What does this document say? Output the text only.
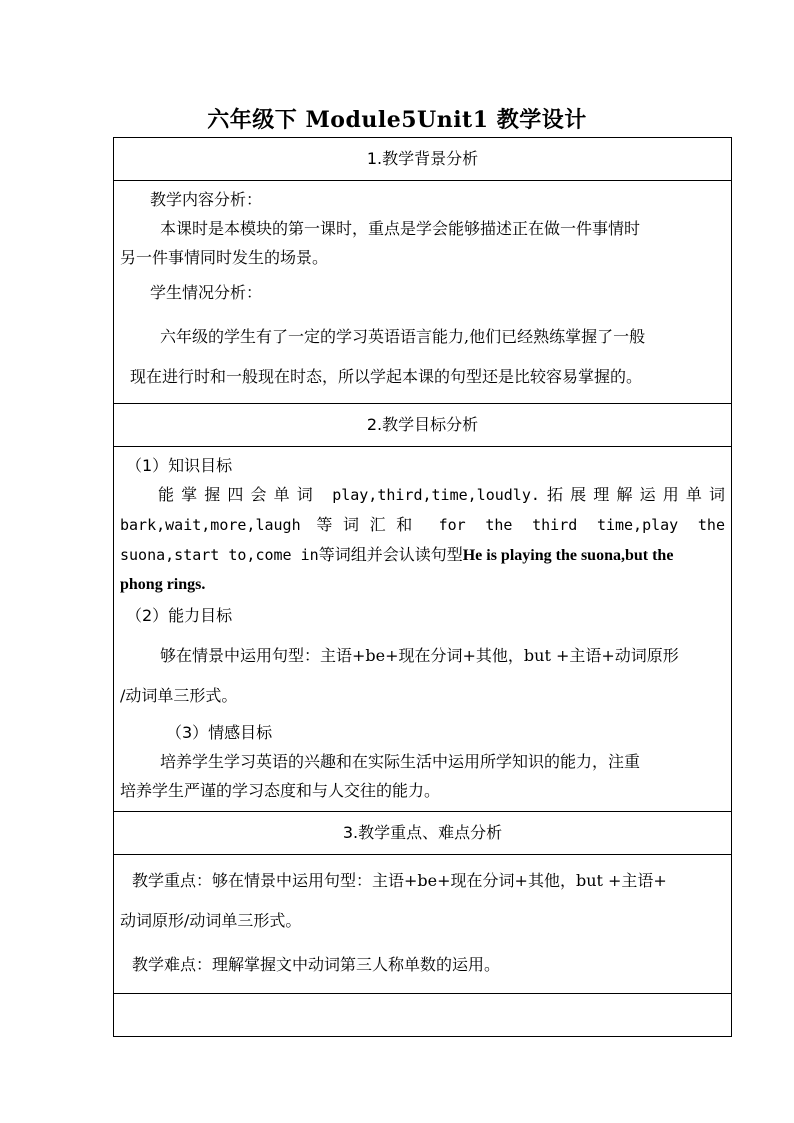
六年级下 Module5Unit1 教学设计
1.教学背景分析

教学内容分析：
本课时是本模块的第一课时，重点是学会能够描述正在做一件事情时
另一件事情同时发生的场景。
学生情况分析：
六年级的学生有了一定的学习英语语言能力,他们已经熟练掌握了一般
现在进行时和一般现在时态，所以学起本课的句型还是比较容易掌握的。

2.教学目标分析

（1）知识目标
能掌握四会单词 play,third,time,loudly.拓展理解运用单词
bark,wait,more,laugh 等词汇和 for the third time,play the
suona,start to,come in等词组并会认读句型He is playing the suona,but the
phong rings.
（2）能力目标
够在情景中运用句型：主语+be+现在分词+其他，but +主语+动词原形
/动词单三形式。
（3）情感目标
培养学生学习英语的兴趣和在实际生活中运用所学知识的能力，注重
培养学生严谨的学习态度和与人交往的能力。

3.教学重点、难点分析

教学重点：够在情景中运用句型：主语+be+现在分词+其他，but +主语+
动词原形/动词单三形式。
教学难点：理解掌握文中动词第三人称单数的运用。
